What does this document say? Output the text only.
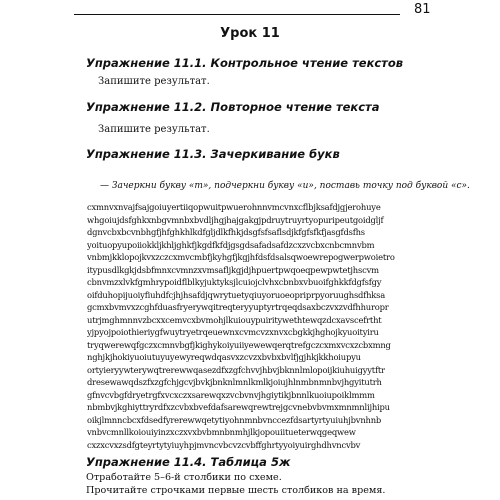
81
Урок 11
Упражнение 11.1. Контрольное чтение текстов
Запишите результат.
Упражнение 11.2. Повторное чтение текста
Запишите результат.
Упражнение 11.3. Зачеркивание букв
— Зачеркни букву «т», подчеркни букву «и», поставь точку под буквой «с».
cxmnvxnvajfsajgoiuyertiiqopwuitpwuerohnnvmcvnxcflbjksafdjgjerohuye
whgoiujdsfghkxnbgvmnbxbvdljhgjhajgakgjpdruytruyrtyopuripeutgoidgljf
dgnvcbxbcvnbhgfjhfghkhlkdfgljdlkfhkjdsgfsfsaflsdjkfgfsfkfjasgfdsfhs
yoituopyupoiiokkljkhljghkfjkgdfkfdjgsgdsafadsafdzcxzvcbxcnbcmnvbm
vnbmjkklopojkvxzczcxmvcmbfjkyhgfjkgjhfdsfdsalsqwoewrepogwerpwoietro
itypusdlkgkjdsbfmnxcvmnzxvmsafljkgjdjhpuertpwqoeqpewpwtetjhscvm
cbnvmzxlvkfgmhrypoidflblkyjuktyksjlcuiojclvhxcbnbxvbuoifghkkfdgfsfgy
oifduhopijuoiyfiuhdfcjhjhsafdjqwrytuetyqiuyoruoeopriprpyoruughsdfhksa
gcmxbvmvxzcghfduasfryerywqitreqteryyuptyrtrqeqdsaxbczvxzvdfhhuropr
utrjmghmnnvzbcxxcemvcxbvmohjlkuiouypuiritywethtewqzdcxavscefrtht
yjpyojpoiothieriygfwuytryetrqeuewnxcvmcvzxnvxcbgkkjhghojkyuoityiru
tryqwerewqfgczxcmnvbgfjkighykoiyuiiyewewqerqtrefgczcxmxvcxzcbxmng
nghjkjhokiyuoiutuyuyewyreqwdqasvxzcvzxbvbxbvlfjgjhkjkkhoiupyu
ortyieryywterywqtrerewwqasezdfxzgfchvvjhbvjbknnlmlopoijkiuhuigyytftr
dresewawqdszfxzgfchjgcvjbvkjbnknlmnlkmlkjoiujhlnmbnmnbvjhgyitutrh
gfnvcvbgfdryetrgfxvcxczxsarewqxzvcbvnvjhgiytikjbnnlkuoiupoiklmmm
nbmbvjkghiyttryrdfxzcvbxbvefdafsarewqrewtrejgcvnebvbvmxmnmnlijhipu
oikjlmnncbcxfdsedfyrerewwqetytiyohnmnbvnccezfdsartyrtyuiuhjbvnhnb
vnbvcmnllkoiouiyinzxczxvxbvbmnbnmhjlkjopouiitueterwqgeqwew
cxzxcvxzsdfgteyrtytyiuyhpjmvncvbcvzcvbffghrtyyoiyuirghdhvncvbv
Упражнение 11.4. Таблица 5ж
Отработайте 5–6-й столбики по схеме.
Прочитайте строчками первые шесть столбиков на время.
